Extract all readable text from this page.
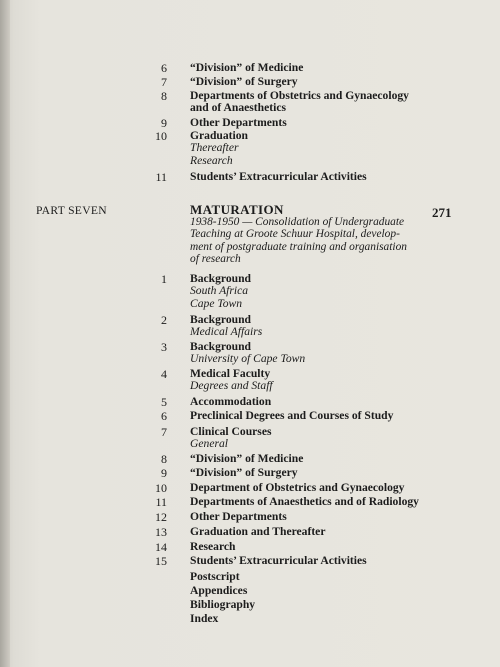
6 “Division” of Medicine
7 “Division” of Surgery
8 Departments of Obstetrics and Gynaecology
and of Anaesthetics
9 Other Departments
10 Graduation
Thereafter
Research
11 Students’ Extracurricular Activities
PART SEVEN	MATURATION	271
1938-1950 — Consolidation of Undergraduate
Teaching at Groote Schuur Hospital, develop-
ment of postgraduate training and organisation
of research
1 Background
South Africa
Cape Town
2 Background
Medical Affairs
3 Background
University of Cape Town
4 Medical Faculty
Degrees and Staff
5 Accommodation
6 Preclinical Degrees and Courses of Study
7 Clinical Courses
General
8 “Division” of Medicine
9 “Division” of Surgery
10 Department of Obstetrics and Gynaecology
11 Departments of Anaesthetics and of Radiology
12 Other Departments
13 Graduation and Thereafter
14 Research
15 Students’ Extracurricular Activities
Postscript
Appendices
Bibliography
Index
